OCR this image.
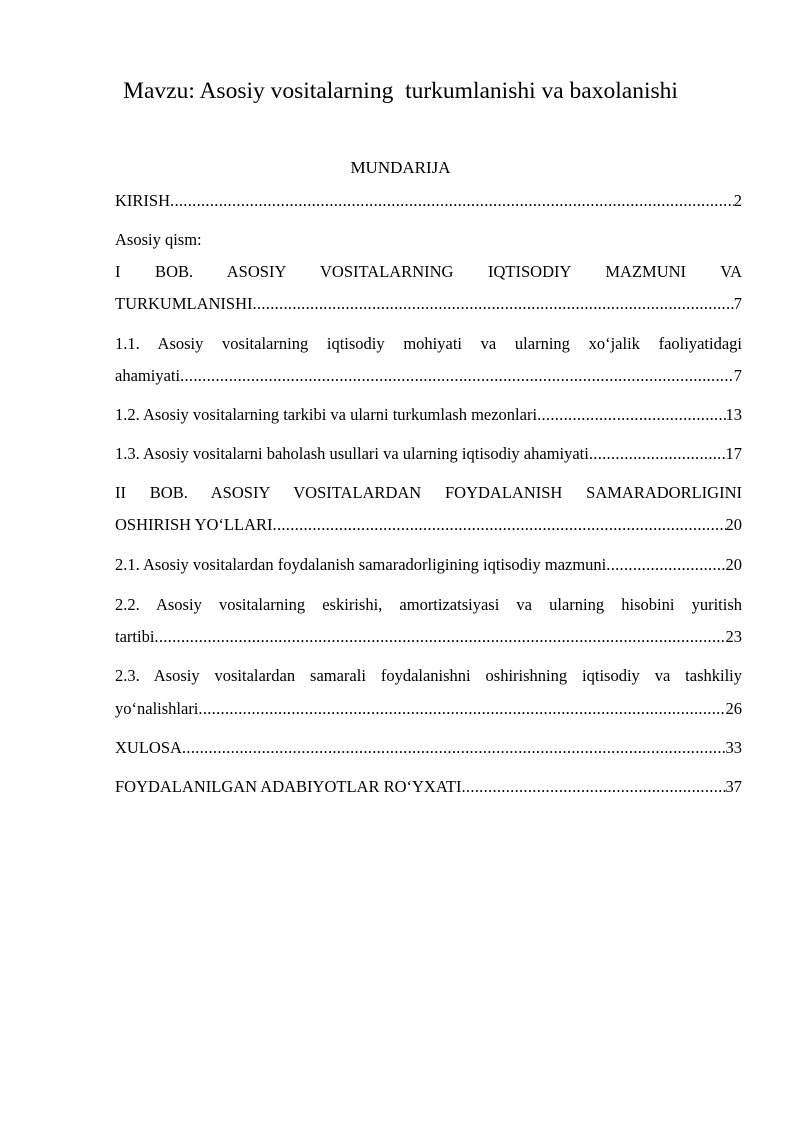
Mavzu: Asosiy vositalarning  turkumlanishi va baxolanishi
MUNDARIJA
KIRISH .....	2
Asosiy qism:
I BOB. ASOSIY VOSITALARNING IQTISODIY MAZMUNI VA
TURKUMLANISHI .....	7
1.1. Asosiy vositalarning iqtisodiy mohiyati va ularning xo‘jalik faoliyatidagi
ahamiyati .....	7
1.2. Asosiy vositalarning tarkibi va ularni turkumlash mezonlari .....	13
1.3. Asosiy vositalarni baholash usullari va ularning iqtisodiy ahamiyati .....	17
II BOB. ASOSIY VOSITALARDAN FOYDALANISH SAMARADORLIGINI
OSHIRISH YO‘LLARI .....	20
2.1. Asosiy vositalardan foydalanish samaradorligining iqtisodiy mazmuni .....	20
2.2. Asosiy vositalarning eskirishi, amortizatsiyasi va ularning hisobini yuritish
tartibi .....	23
2.3. Asosiy vositalardan samarali foydalanishni oshirishning iqtisodiy va tashkiliy
yo‘nalishlari .....	26
XULOSA .....	33
FOYDALANILGAN ADABIYOTLAR RO‘YXATI .....	37
